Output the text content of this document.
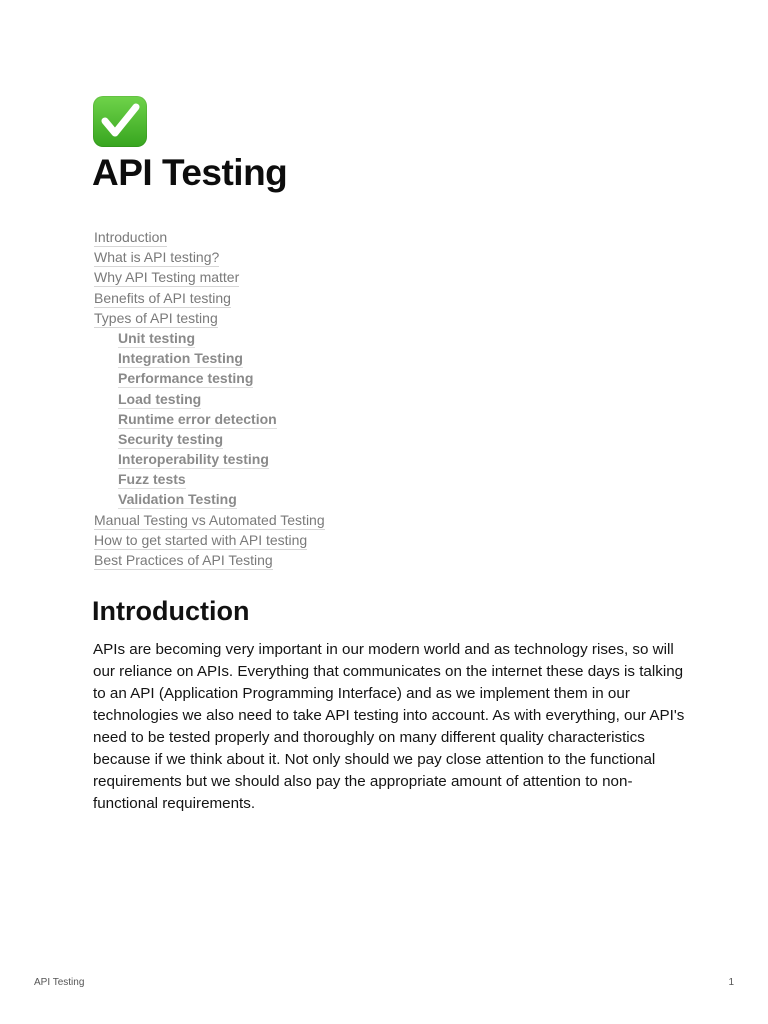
API Testing
Introduction
What is API testing?
Why API Testing matter
Benefits of API testing
Types of API testing
Unit testing
Integration Testing
Performance testing
Load testing
Runtime error detection
Security testing
Interoperability testing
Fuzz tests
Validation Testing
Manual Testing vs Automated Testing
How to get started with API testing
Best Practices of API Testing
Introduction

APIs are becoming very important in our modern world and as technology rises, so will our reliance on APIs. Everything that communicates on the internet these days is talking to an API (Application Programming Interface) and as we implement them in our technologies we also need to take API testing into account. As with everything, our API's need to be tested properly and thoroughly on many different quality characteristics because if we think about it. Not only should we pay close attention to the functional requirements but we should also pay the appropriate amount of attention to non-functional requirements.

API Testing	1
